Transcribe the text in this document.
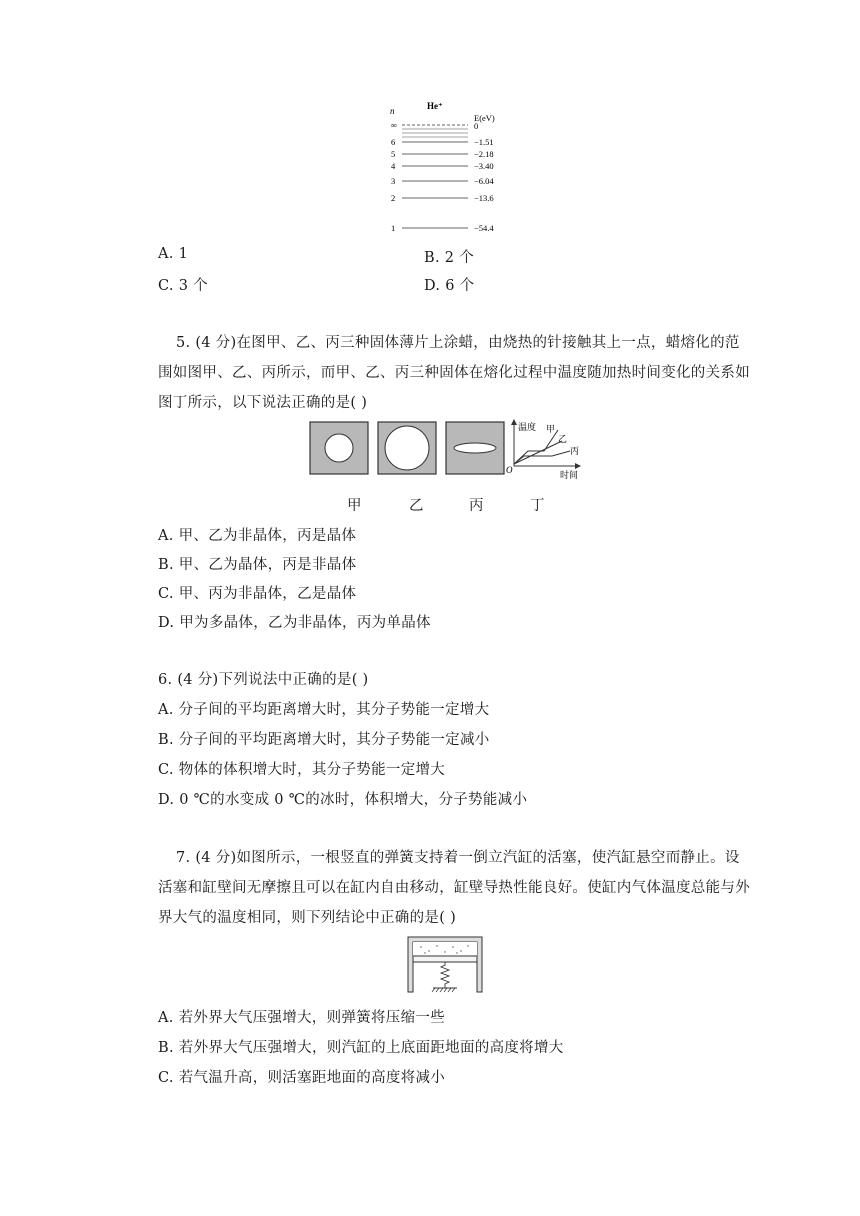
n	He⁺
E(eV)
∞	0
6	−1.51
5	−2.18
4	−3.40
3	−6.04
2	−13.6
1	−54.4
A. 1	B. 2 个
C. 3 个	D. 6 个
5. (4 分)在图甲、乙、丙三种固体薄片上涂蜡，由烧热的针接触其上一点，蜡熔化的范
围如图甲、乙、丙所示，而甲、乙、丙三种固体在熔化过程中温度随加热时间变化的关系如
图丁所示，以下说法正确的是( )
温度
时间
O
甲
乙
丙
甲	乙	丙	丁
A. 甲、乙为非晶体，丙是晶体
B. 甲、乙为晶体，丙是非晶体
C. 甲、丙为非晶体，乙是晶体
D. 甲为多晶体，乙为非晶体，丙为单晶体
6. (4 分)下列说法中正确的是( )
A. 分子间的平均距离增大时，其分子势能一定增大
B. 分子间的平均距离增大时，其分子势能一定减小
C. 物体的体积增大时，其分子势能一定增大
D. 0 ℃的水变成 0 ℃的冰时，体积增大，分子势能减小
7. (4 分)如图所示，一根竖直的弹簧支持着一倒立汽缸的活塞，使汽缸悬空而静止。设
活塞和缸壁间无摩擦且可以在缸内自由移动，缸壁导热性能良好。使缸内气体温度总能与外
界大气的温度相同，则下列结论中正确的是( )
A. 若外界大气压强增大，则弹簧将压缩一些
B. 若外界大气压强增大，则汽缸的上底面距地面的高度将增大
C. 若气温升高，则活塞距地面的高度将减小
